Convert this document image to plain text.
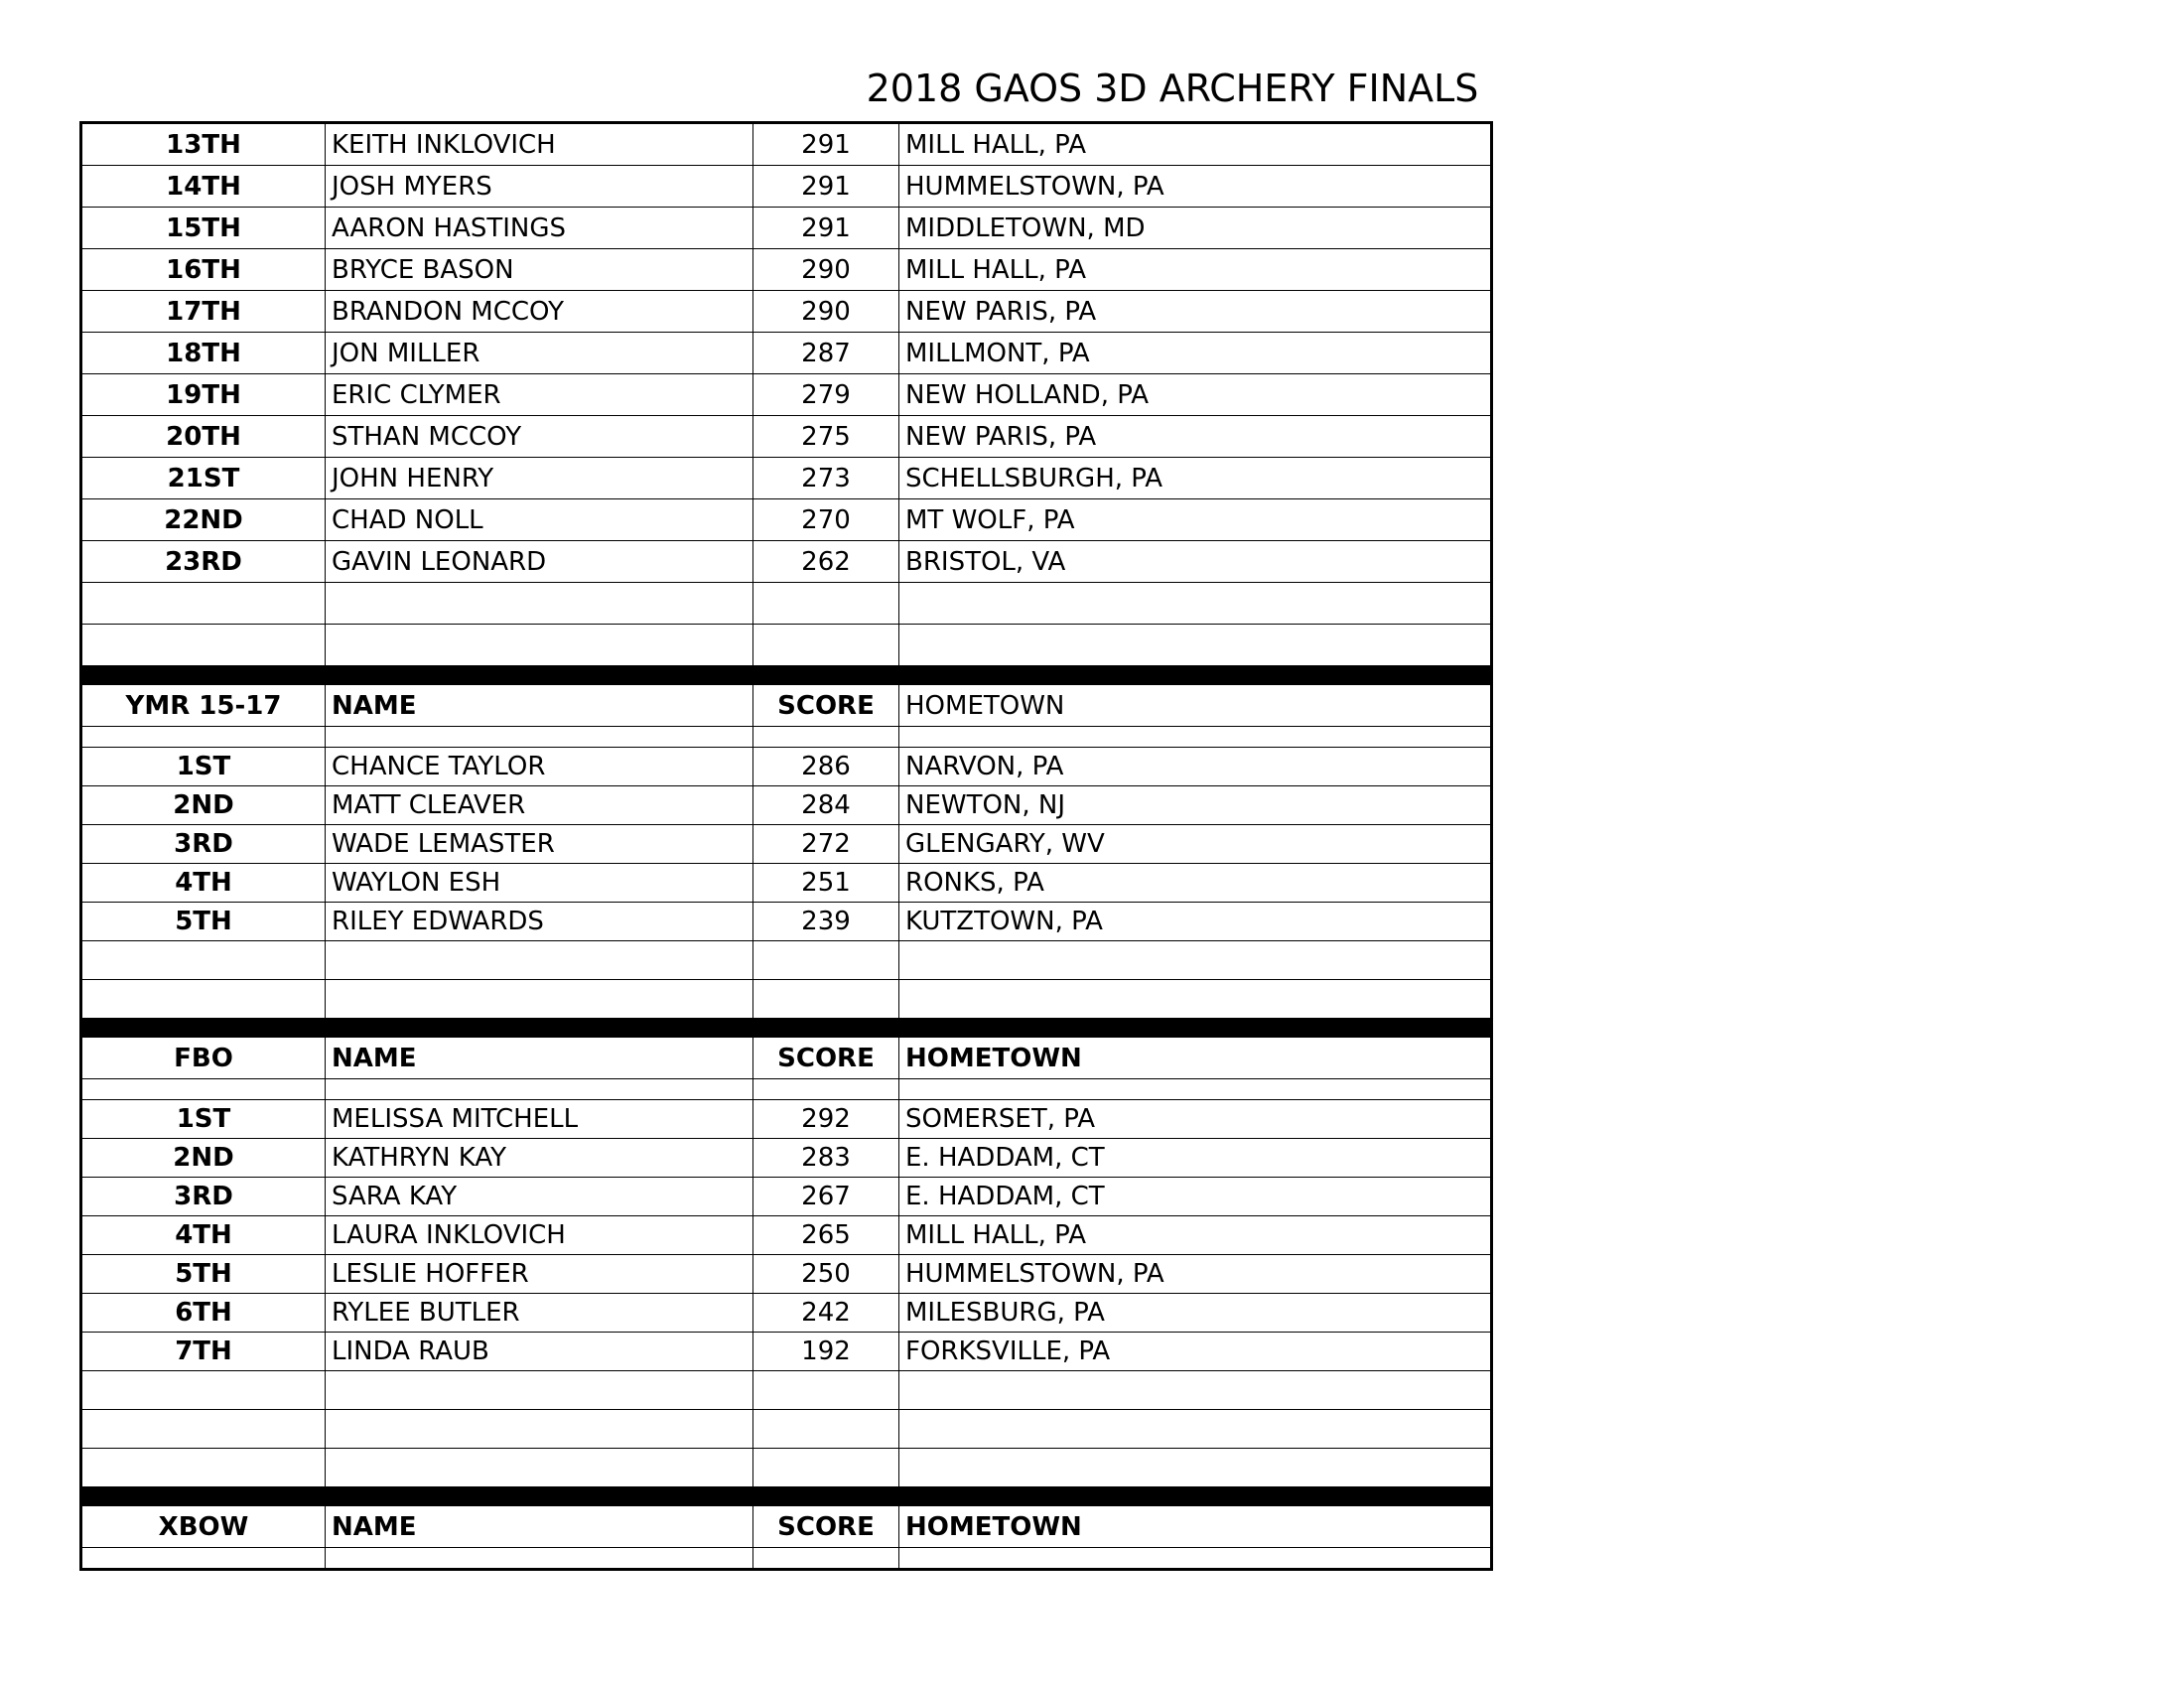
2018 GAOS 3D ARCHERY FINALS
13TH	KEITH INKLOVICH	291	MILL HALL, PA
14TH	JOSH MYERS	291	HUMMELSTOWN, PA
15TH	AARON HASTINGS	291	MIDDLETOWN, MD
16TH	BRYCE BASON	290	MILL HALL, PA
17TH	BRANDON MCCOY	290	NEW PARIS, PA
18TH	JON MILLER	287	MILLMONT, PA
19TH	ERIC CLYMER	279	NEW HOLLAND, PA
20TH	STHAN MCCOY	275	NEW PARIS, PA
21ST	JOHN HENRY	273	SCHELLSBURGH, PA
22ND	CHAD NOLL	270	MT WOLF, PA
23RD	GAVIN LEONARD	262	BRISTOL, VA

YMR 15-17	NAME	SCORE	HOMETOWN

1ST	CHANCE TAYLOR	286	NARVON, PA
2ND	MATT CLEAVER	284	NEWTON, NJ
3RD	WADE LEMASTER	272	GLENGARY, WV
4TH	WAYLON ESH	251	RONKS, PA
5TH	RILEY EDWARDS	239	KUTZTOWN, PA

FBO	NAME	SCORE	HOMETOWN

1ST	MELISSA MITCHELL	292	SOMERSET, PA
2ND	KATHRYN KAY	283	E. HADDAM, CT
3RD	SARA KAY	267	E. HADDAM, CT
4TH	LAURA INKLOVICH	265	MILL HALL, PA
5TH	LESLIE HOFFER	250	HUMMELSTOWN, PA
6TH	RYLEE BUTLER	242	MILESBURG, PA
7TH	LINDA RAUB	192	FORKSVILLE, PA

XBOW	NAME	SCORE	HOMETOWN
